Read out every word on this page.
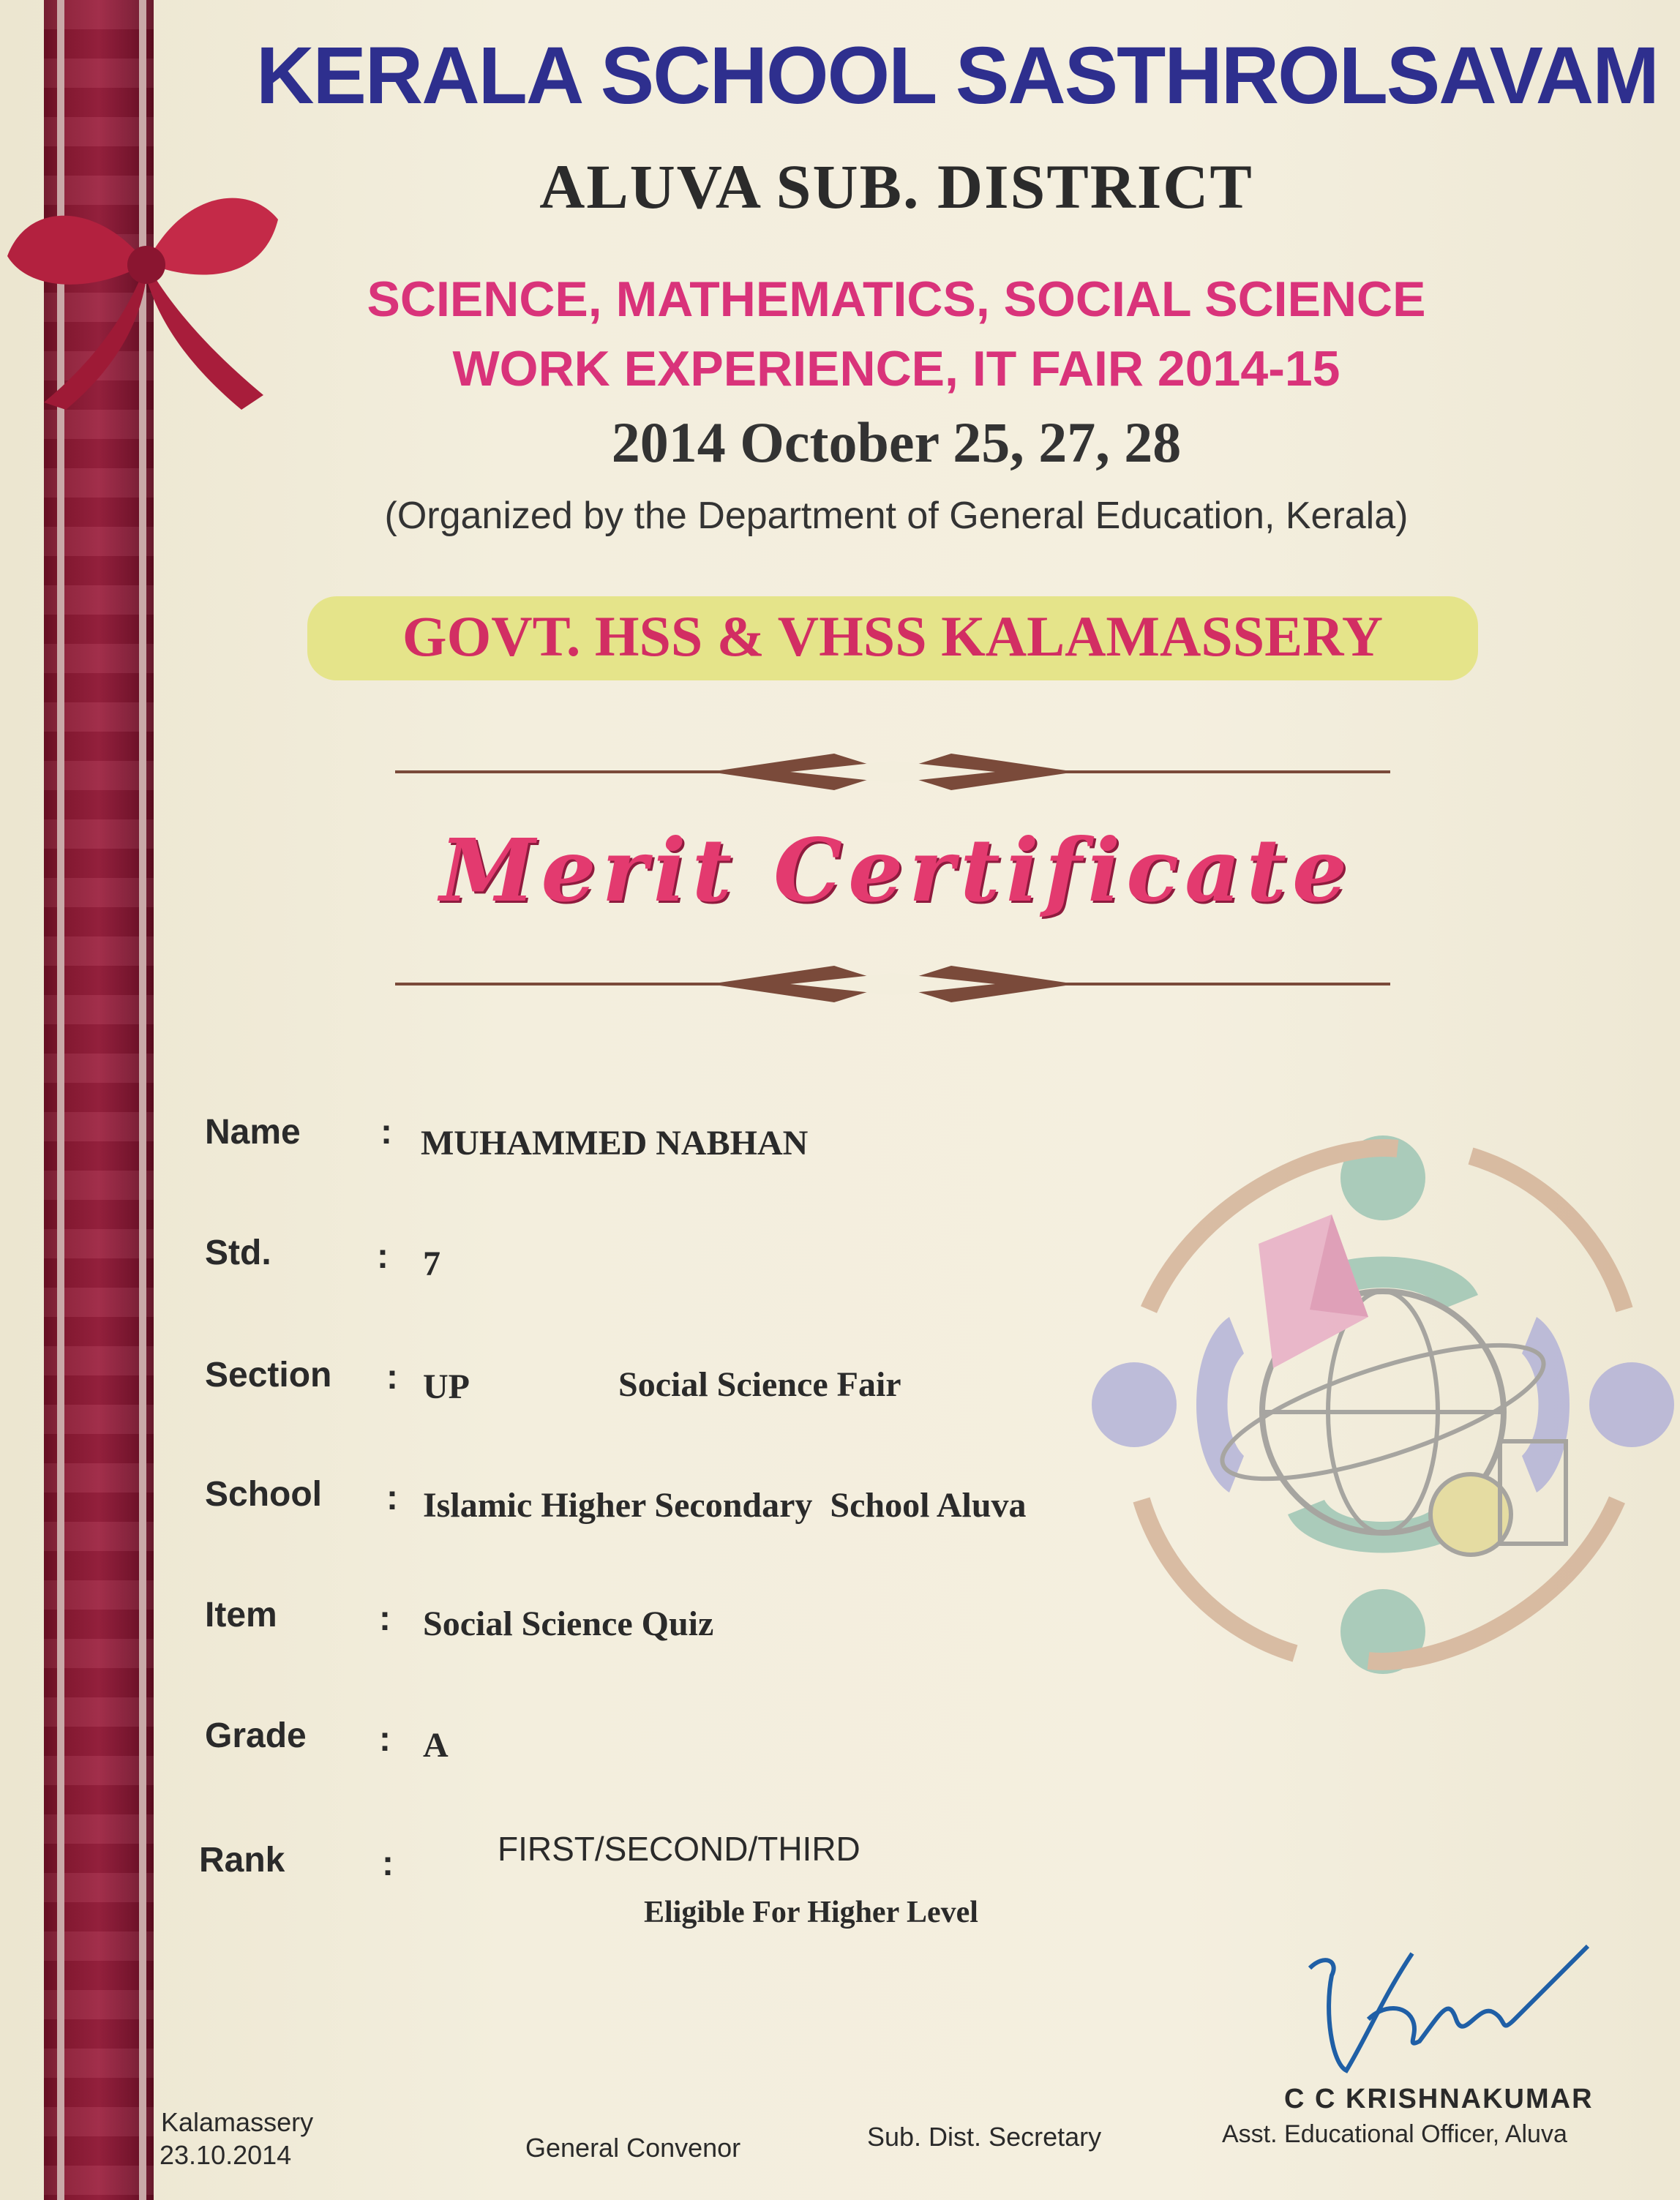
KERALA SCHOOL SASTHROLSAVAM
ALUVA SUB. DISTRICT
SCIENCE, MATHEMATICS, SOCIAL SCIENCE
WORK EXPERIENCE, IT FAIR 2014-15
2014 October 25, 27, 28
(Organized by the Department of General Education, Kerala)
GOVT. HSS & VHSS KALAMASSERY
Merit Certificate
Name : MUHAMMED NABHAN
Std.	: 7
Section : UP	Social Science Fair
School : Islamic Higher Secondary  School Aluva
Item	: Social Science Quiz
Grade : A
Rank	:	FIRST/SECOND/THIRD
Eligible For Higher Level
Kalamassery
23.10.2014	General Convenor	Sub. Dist. Secretary
C C KRISHNAKUMAR
Asst. Educational Officer, Aluva
